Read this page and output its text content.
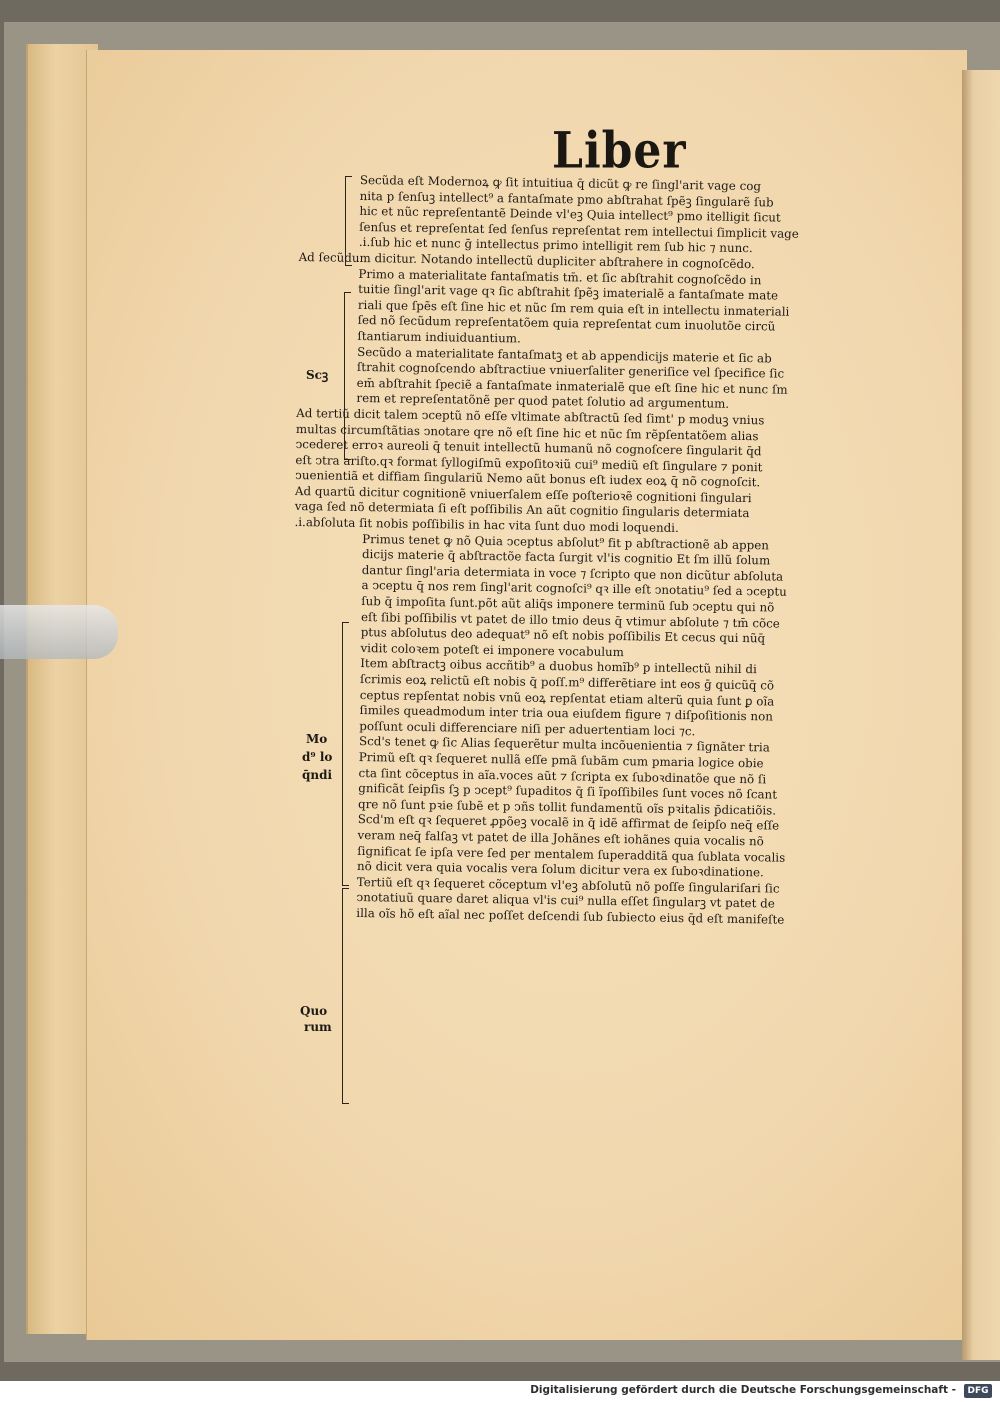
Liber
Scꝫ
Mo
d⁹ lo
q̄ndi
Quo
rum
Secũda eſt Modernoꝝ ꝙ ſit intuitiua q̄ dicũt ꝙ re ſingl'arit vage cog
nita p ſenſuꝫ intellect⁹ a fantaſmate pmo abſtrahat ſpẽꝫ ſingularẽ ſub
hic et nũc repreſentantẽ Deinde vl'eꝫ Quia intellect⁹ pmo itelligit ſicut
ſenſus et repreſentat ſed ſenſus repreſentat rem intellectui ſimplicit vage
.i.ſub hic et nunc ḡ intellectus primo intelligit rem ſub hic ⁊ nunc.
Ad ſecũdum dicitur. Notando intellectũ dupliciter abſtrahere in cognoſcẽdo.
Primo a materialitate fantaſmatis tm̄. et ſic abſtrahit cognoſcẽdo in
tuitie ſingl'arit vage qꝛ ſic abſtrahit ſpẽꝫ imaterialẽ a fantaſmate mate
riali que ſpẽs eſt ſine hic et nũc ſm rem quia eſt in intellectu inmateriali
ſed nõ ſecũdum repreſentatõem quia repreſentat cum inuolutõe circũ
ſtantiarum indiuiduantium.
Secũdo a materialitate fantaſmatꝫ et ab appendicijs materie et ſic ab
ſtrahit cognoſcendo abſtractiue vniuerſaliter generiſice vel ſpecifice ſic
em̄ abſtrahit ſpeciẽ a fantaſmate inmaterialẽ que eſt ſine hic et nunc ſm
rem et repreſentatõnẽ per quod patet ſolutio ad argumentum.
Ad tertiũ dicit talem ↄceptũ nõ eſſe vltimate abſtractũ ſed ſimt' p moduꝫ vnius
multas circumſtãtias ↄnotare qre nõ eſt ſine hic et nũc ſm rẽpſentatõem alias
ↄcederet erroꝛ aureoli q̄ tenuit intellectũ humanũ nõ cognoſcere ſingularit q̄d
eſt ↄtra ariſto.qꝛ format ſyllogiſmũ expoſitoꝛiũ cui⁹ mediũ eſt ſingulare ⁊ ponit
ↄuenientiã et diffiam ſingulariũ Nemo aũt bonus eſt iudex eoꝝ q̄ nõ cognoſcit.
Ad quartũ dicitur cognitionẽ vniuerſalem eſſe poſterioꝛẽ cognitioni ſingulari
vaga ſed nõ determiata ſi eſt poſſibilis An aũt cognitio ſingularis determiata
.i.abſoluta ſit nobis poſſibilis in hac vita ſunt duo modi loquendi.
Primus tenet ꝙ nõ Quia ↄceptus abſolut⁹ fit p abſtractionẽ ab appen
dicijs materie q̄ abſtractõe facta ſurgit vl'is cognitio Et ſm illũ ſolum
dantur ſingl'aria determiata in voce ⁊ ſcripto que non dicũtur abſoluta
a ↄceptu q̄ nos rem ſingl'arit cognoſci⁹ qꝛ ille eſt ↄnotatiu⁹ ſed a ↄceptu
ſub q̄ impoſita ſunt.põt aũt aliq̄s imponere terminũ ſub ↄceptu qui nõ
eſt ſibi poſſibilis vt patet de illo tmio deus q̄ vtimur abſolute ⁊ tm̄ cõce
ptus abſolutus deo adequat⁹ nõ eſt nobis poſſibilis Et cecus qui nũq̄
vidit coloꝛem poteſt ei imponere vocabulum
Item abſtractꝫ oibus accñtib⁹ a duobus homĩb⁹ p intellectũ nihil di
ſcrimis eoꝝ relictũ eſt nobis q̄ poſſ.m⁹ differẽtiare int eos ḡ quicũq̄ cõ
ceptus repſentat nobis vnũ eoꝝ repſentat etiam alterũ quia ſunt ꝑ oĩa
ſimiles queadmodum inter tria oua eiuſdem figure ⁊ diſpoſitionis non
poſſunt oculi differenciare niſi per aduertentiam loci ⁊c.
Scd's tenet ꝙ ſic Alias ſequerẽtur multa incõuenientia ⁊ ſignãter tria
Primũ eſt qꝛ ſequeret nullã eſſe pmã ſubãm cum pmaria logice obie
cta ſint cõceptus in aĩa.voces aũt ⁊ ſcripta ex ſuboꝛdinatõe que nõ ſi
gnificãt ſeipſis ſꝫ p ↄcept⁹ ſupaditos q̄ ſi ĩpoſſibiles ſunt voces nõ ſcant
qre nõ ſunt pꝛie ſubẽ et p ↄñs tollit fundamentũ oĩs pꝛitalis p̄dicatiõis.
Scd'm eſt qꝛ ſequeret ꝓpõeꝫ vocalẽ in q̄ idẽ affirmat de ſeipſo neq̄ eſſe
veram neq̄ falſaꝫ vt patet de illa Johãnes eſt iohãnes quia vocalis nõ
ſignificat ſe ipſa vere ſed per mentalem ſuperadditã qua ſublata vocalis
nõ dicit vera quia vocalis vera ſolum dicitur vera ex ſuboꝛdinatione.
Tertiũ eſt qꝛ ſequeret cõceptum vl'eꝫ abſolutũ nõ poſſe ſingulariſari ſic
ↄnotatiuũ quare daret aliqua vl'is cui⁹ nulla eſſet ſingularꝫ vt patet de
illa oĩs hõ eſt aĩal nec poſſet deſcendi ſub ſubiecto eius q̄d eſt manifeſte
Digitalisierung gefördert durch die Deutsche Forschungsgemeinschaft -	DFG
